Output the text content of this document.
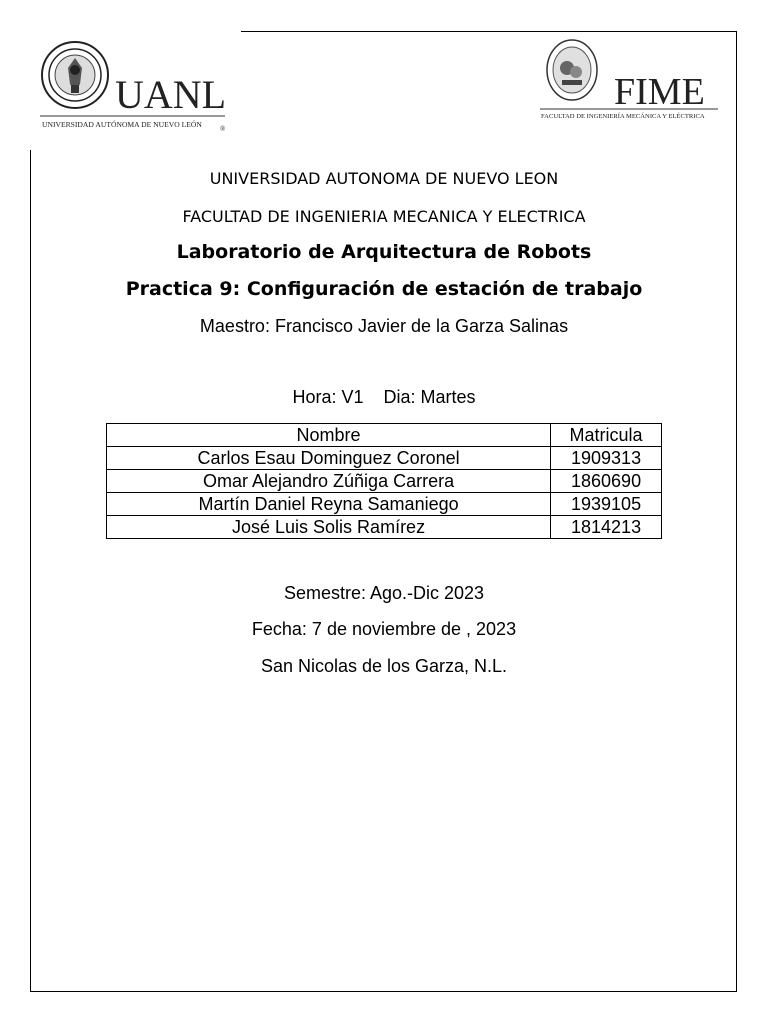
UANL
UNIVERSIDAD AUTÓNOMA DE NUEVO LEÓN	®
FIME
FACULTAD DE INGENIERÍA MECÁNICA Y ELÉCTRICA
UNIVERSIDAD AUTONOMA DE NUEVO LEON
FACULTAD DE INGENIERIA MECANICA Y ELECTRICA
Laboratorio de Arquitectura de Robots
Practica 9: Configuración de estación de trabajo
Maestro: Francisco Javier de la Garza Salinas
Hora: V1    Dia: Martes
Nombre	Matricula
Carlos Esau Dominguez Coronel	1909313
Omar Alejandro Zúñiga Carrera	1860690
Martín Daniel Reyna Samaniego	1939105
José Luis Solis Ramírez	1814213
Semestre: Ago.-Dic 2023
Fecha: 7 de noviembre de , 2023
San Nicolas de los Garza, N.L.
